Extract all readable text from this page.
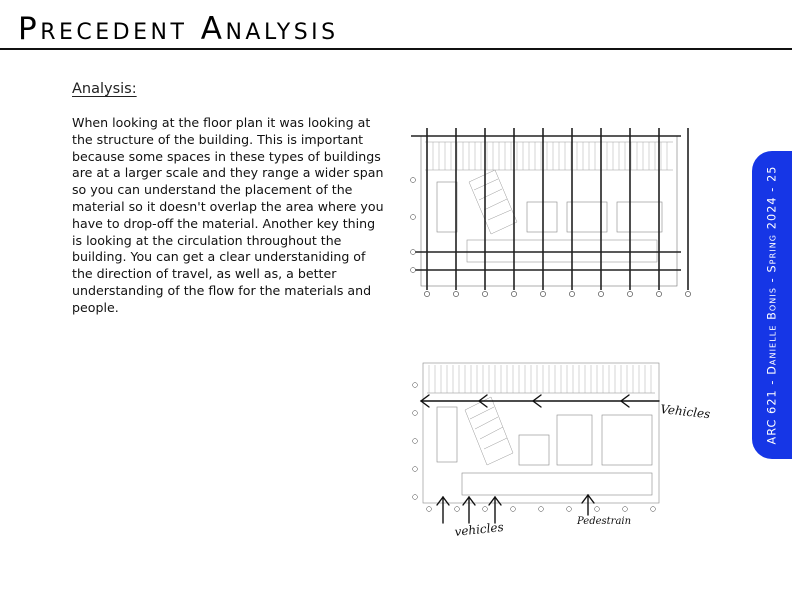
Precedent Analysis
Analysis:
When looking at the floor plan it was looking at the structure of the building. This is important because some spaces in these types of buildings are at a larger scale and they range a wider span so you can understand the placement of the material so it doesn't overlap the area where you have to drop-off the material. Another key thing is looking at the circulation throughout the building. You can get a clear understaniding of the direction of travel, as well as, a better understanding of the flow for the materials and people.
Vehicles
vehicles	Pedestrain
ARC 621 - Danielle Bonis - Spring 2024 - 25
